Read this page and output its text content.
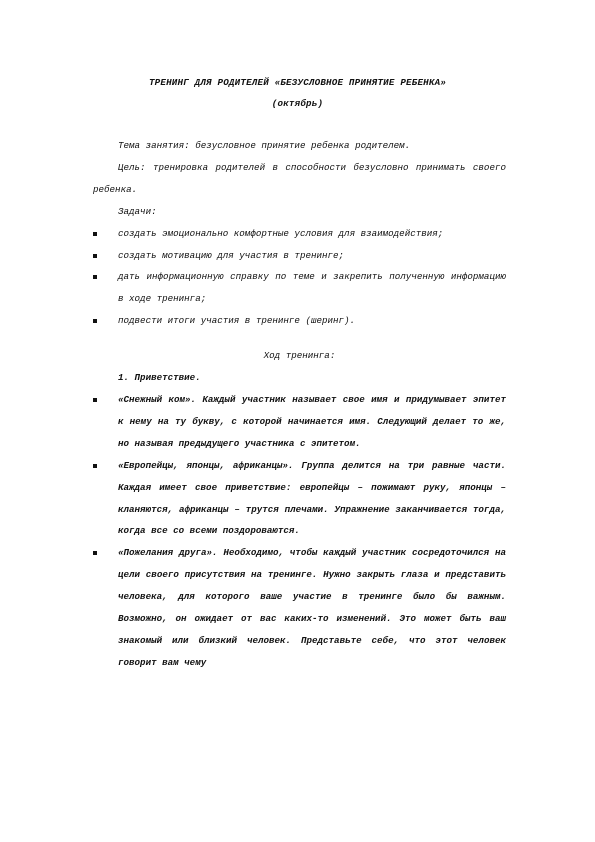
ТРЕНИНГ ДЛЯ РОДИТЕЛЕЙ «БЕЗУСЛОВНОЕ ПРИНЯТИЕ РЕБЕНКА»
(октябрь)

Тема занятия: безусловное принятие ребенка родителем.

Цель: тренировка родителей в способности безусловно принимать своего ребенка.

Задачи:

создать эмоционально комфортные условия для взаимодействия;
создать мотивацию для участия в тренинге;
дать информационную справку по теме и закрепить полученную информацию в ходе тренинга;
подвести итоги участия в тренинге (шеринг).

Ход тренинга:

1. Приветствие.

«Снежный ком». Каждый участник называет свое имя и придумывает эпитет к нему на ту букву, с которой начинается имя. Следующий делает то же, но называя предыдущего участника с эпитетом.
«Европейцы, японцы, африканцы». Группа делится на три равные части. Каждая имеет свое приветствие: европейцы – пожимают руку, японцы – кланяются, африканцы – трутся плечами. Упражнение заканчивается тогда, когда все со всеми поздороваются.
«Пожелания друга». Необходимо, чтобы каждый участник сосредоточился на цели своего присутствия на тренинге. Нужно закрыть глаза и представить человека, для которого ваше участие в тренинге было бы важным. Возможно, он ожидает от вас каких-то изменений. Это может быть ваш знакомый или близкий человек. Представьте себе, что этот человек говорит вам чему
